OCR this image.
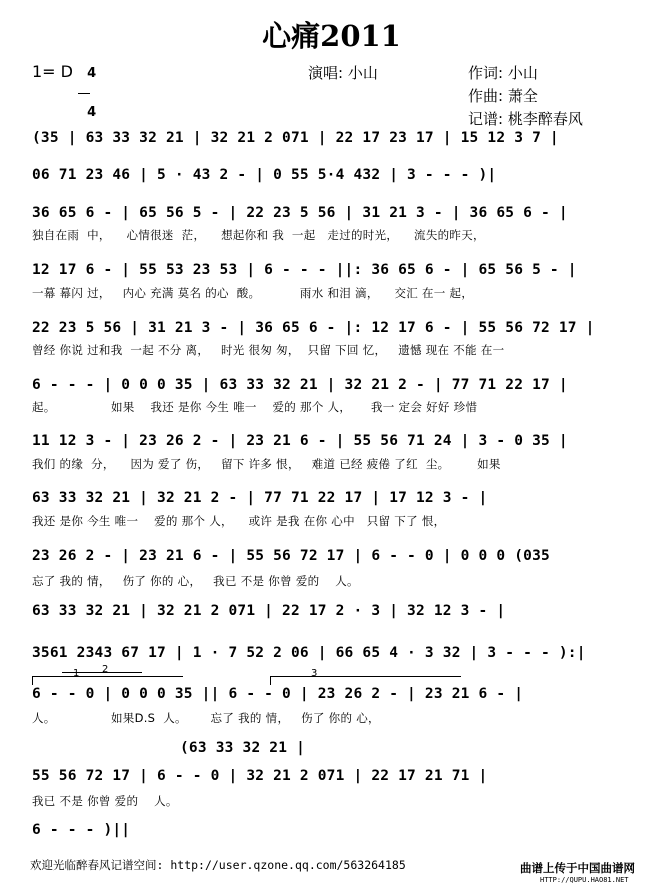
心痛2011
1= D	4

4

演唱: 小山	作词: 小山
作曲: 萧全
记谱: 桃李醉春风
(35 | 63 33 32 21 | 32 21 2 071 | 22 17 23 17 | 15 12 3 7 |
06 71 23 46 | 5 · 43 2 - | 0 55 5·4 432 | 3 - - - )|
36 65 6 - | 65 56 5 - | 22 23 5 56 | 31 21 3 - | 36 65 6 - |
独自在雨  中，    心情很迷  茫，    想起你和 我  一起   走过的时光，    流失的昨天，
12 17 6 - | 55 53 23 53 | 6 - - - ||: 36 65 6 - | 65 56 5 - |
一幕 幕闪 过，   内心 充满 莫名 的心  酸。          雨水 和泪 滴，    交汇 在一 起，
22 23 5 56 | 31 21 3 - | 36 65 6 - |: 12 17 6 - | 55 56 72 17 |
曾经 你说 过和我  一起 不分 离，   时光 很匆 匆，  只留 下回 忆，   遗憾 现在 不能 在一
6 - - - | 0 0 0 35 | 63 33 32 21 | 32 21 2 - | 77 71 22 17 |
起。              如果    我还 是你 今生 唯一    爱的 那个 人，     我一 定会 好好 珍惜
11 12 3 - | 23 26 2 - | 23 21 6 - | 55 56 71 24 | 3 - 0 35 |
我们 的缘  分，    因为 爱了 伤，   留下 许多 恨，   难道 已经 疲倦 了红  尘。       如果
63 33 32 21 | 32 21 2 - | 77 71 22 17 | 17 12 3 - |
我还 是你 今生 唯一    爱的 那个 人，    或许 是我 在你 心中   只留 下了 恨，
23 26 2 - | 23 21 6 - | 55 56 72 17 | 6 - - 0 | 0 0 0 (035
忘了 我的 情，   伤了 你的 心，   我已 不是 你曾 爱的    人。
63 33 32 21 | 32 21 2 071 | 22 17 2 · 3 | 32 12 3 - |
3561 2343 67 17 | 1 · 7 52 2 06 | 66 65 4 · 3 32 | 3 - - - ):|
1 2	3
6 - - 0 | 0 0 0 35 || 6 - - 0 | 23 26 2 - | 23 21 6 - |
人。              如果D.S  人。      忘了 我的 情，   伤了 你的 心，
(63 33 32 21 |
55 56 72 17 | 6 - - 0 | 32 21 2 071 | 22 17 21 71 |
我已 不是 你曾 爱的    人。
6 - - - )||
欢迎光临醉春风记谱空间: http://user.qzone.qq.com/563264185	曲谱上传于中国曲谱网
HTTP://QUPU.HAO81.NET
